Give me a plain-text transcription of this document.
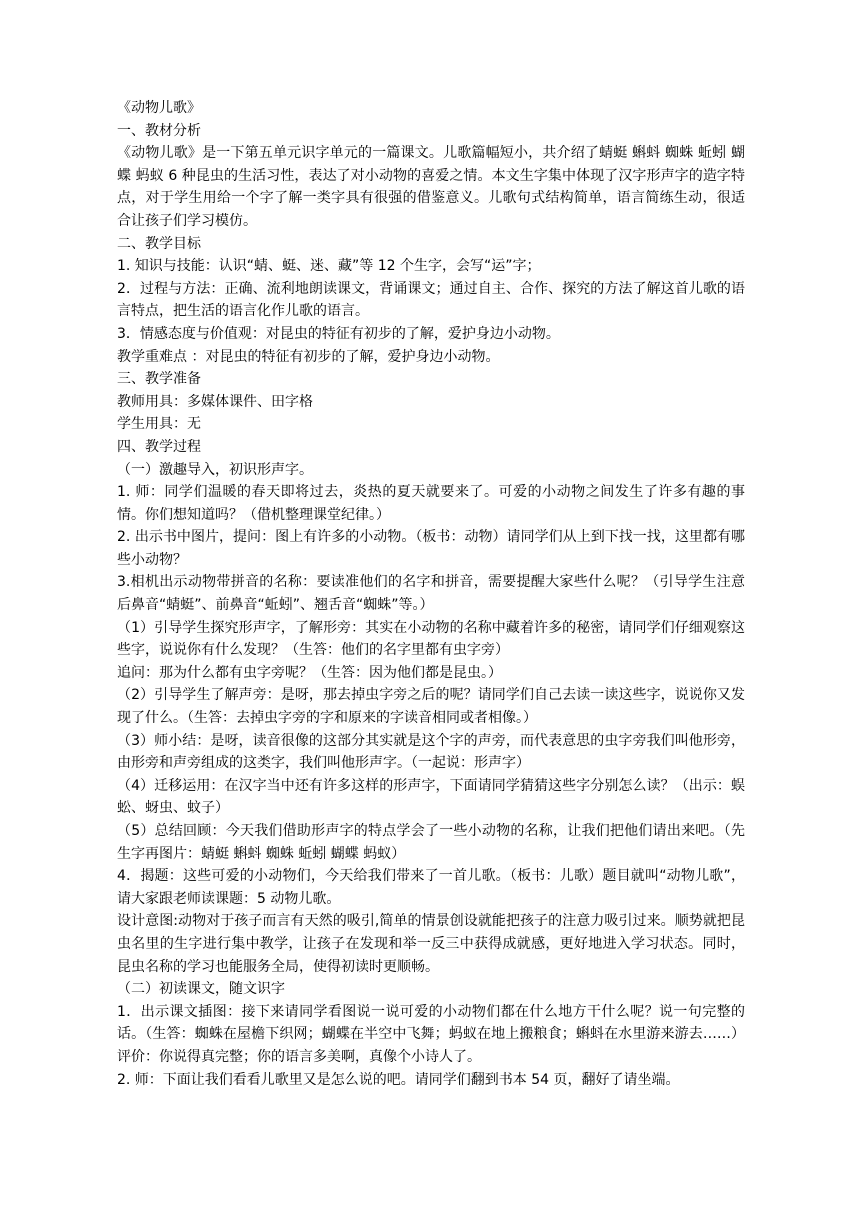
《动物儿歌》

一、教材分析

《动物儿歌》是一下第五单元识字单元的一篇课文。儿歌篇幅短小，共介绍了蜻蜓 蝌蚪 蜘蛛 蚯蚓 蝴蝶 蚂蚁 6 种昆虫的生活习性，表达了对小动物的喜爱之情。本文生字集中体现了汉字形声字的造字特点，对于学生用给一个字了解一类字具有很强的借鉴意义。儿歌句式结构简单，语言简练生动，很适合让孩子们学习模仿。

二、教学目标

1. 知识与技能：认识“蜻、蜓、迷、藏”等 12 个生字，会写“运”字；

2．过程与方法：正确、流利地朗读课文，背诵课文；通过自主、合作、探究的方法了解这首儿歌的语言特点，把生活的语言化作儿歌的语言。

3．情感态度与价值观：对昆虫的特征有初步的了解，爱护身边小动物。

教学重难点 ：对昆虫的特征有初步的了解，爱护身边小动物。

三、教学准备

教师用具：多媒体课件、田字格

学生用具：无

四、教学过程

（一）激趣导入，初识形声字。

1. 师：同学们温暖的春天即将过去，炎热的夏天就要来了。可爱的小动物之间发生了许多有趣的事情。你们想知道吗？（借机整理课堂纪律。）

2. 出示书中图片，提问：图上有许多的小动物。（板书：动物）请同学们从上到下找一找，这里都有哪些小动物？

3.相机出示动物带拼音的名称：要读准他们的名字和拼音，需要提醒大家些什么呢？（引导学生注意后鼻音“蜻蜓”、前鼻音“蚯蚓”、翘舌音“蜘蛛”等。）

（1）引导学生探究形声字，了解形旁：其实在小动物的名称中藏着许多的秘密，请同学们仔细观察这些字，说说你有什么发现？（生答：他们的名字里都有虫字旁）

追问：那为什么都有虫字旁呢？（生答：因为他们都是昆虫。）

（2）引导学生了解声旁：是呀，那去掉虫字旁之后的呢？请同学们自己去读一读这些字，说说你又发现了什么。（生答：去掉虫字旁的字和原来的字读音相同或者相像。）

（3）师小结：是呀，读音很像的这部分其实就是这个字的声旁，而代表意思的虫字旁我们叫他形旁，由形旁和声旁组成的这类字，我们叫他形声字。（一起说：形声字）

（4）迁移运用：在汉字当中还有许多这样的形声字，下面请同学猜猜这些字分别怎么读？（出示：蜈蚣、蚜虫、蚊子）

（5）总结回顾：今天我们借助形声字的特点学会了一些小动物的名称，让我们把他们请出来吧。（先生字再图片：蜻蜓 蝌蚪 蜘蛛 蚯蚓 蝴蝶 蚂蚁）

4．揭题：这些可爱的小动物们，今天给我们带来了一首儿歌。（板书：儿歌）题目就叫“动物儿歌”，请大家跟老师读课题：5 动物儿歌。

设计意图:动物对于孩子而言有天然的吸引,简单的情景创设就能把孩子的注意力吸引过来。顺势就把昆虫名里的生字进行集中教学，让孩子在发现和举一反三中获得成就感，更好地进入学习状态。同时，昆虫名称的学习也能服务全局，使得初读时更顺畅。

（二）初读课文，随文识字

1．出示课文插图：接下来请同学看图说一说可爱的小动物们都在什么地方干什么呢？说一句完整的话。（生答：蜘蛛在屋檐下织网；蝴蝶在半空中飞舞；蚂蚁在地上搬粮食；蝌蚪在水里游来游去……）评价：你说得真完整；你的语言多美啊，真像个小诗人了。

2. 师：下面让我们看看儿歌里又是怎么说的吧。请同学们翻到书本 54 页，翻好了请坐端。
